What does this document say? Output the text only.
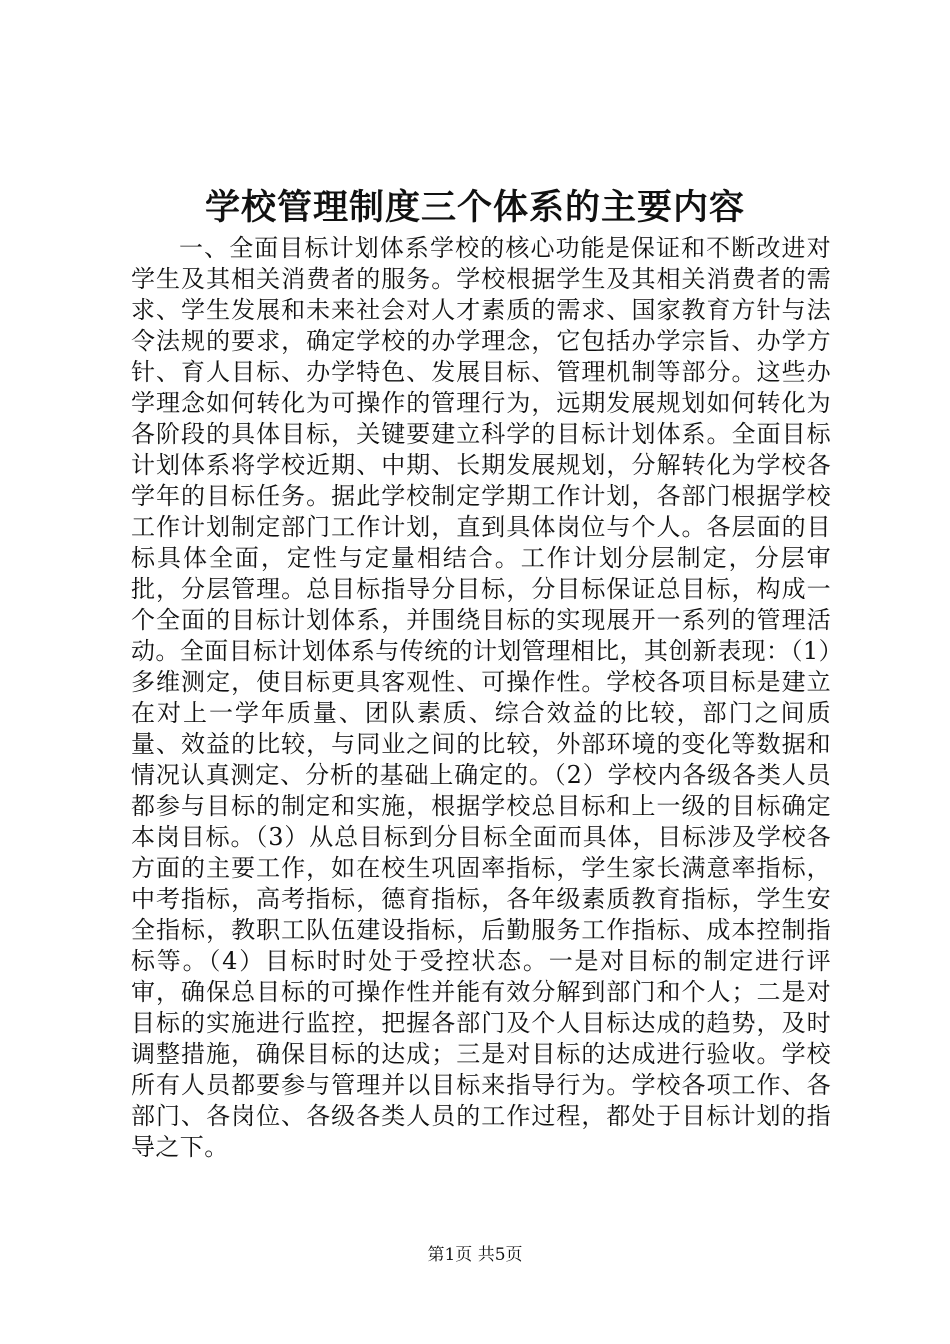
学校管理制度三个体系的主要内容

一、全面目标计划体系学校的核心功能是保证和不断改进对学生及其相关消费者的服务。学校根据学生及其相关消费者的需求、学生发展和未来社会对人才素质的需求、国家教育方针与法令法规的要求，确定学校的办学理念，它包括办学宗旨、办学方针、育人目标、办学特色、发展目标、管理机制等部分。这些办学理念如何转化为可操作的管理行为，远期发展规划如何转化为各阶段的具体目标，关键要建立科学的目标计划体系。全面目标计划体系将学校近期、中期、长期发展规划，分解转化为学校各学年的目标任务。据此学校制定学期工作计划，各部门根据学校工作计划制定部门工作计划，直到具体岗位与个人。各层面的目标具体全面，定性与定量相结合。工作计划分层制定，分层审批，分层管理。总目标指导分目标，分目标保证总目标，构成一个全面的目标计划体系，并围绕目标的实现展开一系列的管理活动。全面目标计划体系与传统的计划管理相比，其创新表现：（1）多维测定，使目标更具客观性、可操作性。学校各项目标是建立在对上一学年质量、团队素质、综合效益的比较，部门之间质量、效益的比较，与同业之间的比较，外部环境的变化等数据和情况认真测定、分析的基础上确定的。（2）学校内各级各类人员都参与目标的制定和实施，根据学校总目标和上一级的目标确定本岗目标。（3）从总目标到分目标全面而具体，目标涉及学校各方面的主要工作，如在校生巩固率指标，学生家长满意率指标，中考指标，高考指标，德育指标，各年级素质教育指标，学生安全指标，教职工队伍建设指标，后勤服务工作指标、成本控制指标等。（4）目标时时处于受控状态。一是对目标的制定进行评审，确保总目标的可操作性并能有效分解到部门和个人；二是对目标的实施进行监控，把握各部门及个人目标达成的趋势，及时调整措施，确保目标的达成；三是对目标的达成进行验收。学校所有人员都要参与管理并以目标来指导行为。学校各项工作、各部门、各岗位、各级各类人员的工作过程，都处于目标计划的指导之下。

第1页 共5页
